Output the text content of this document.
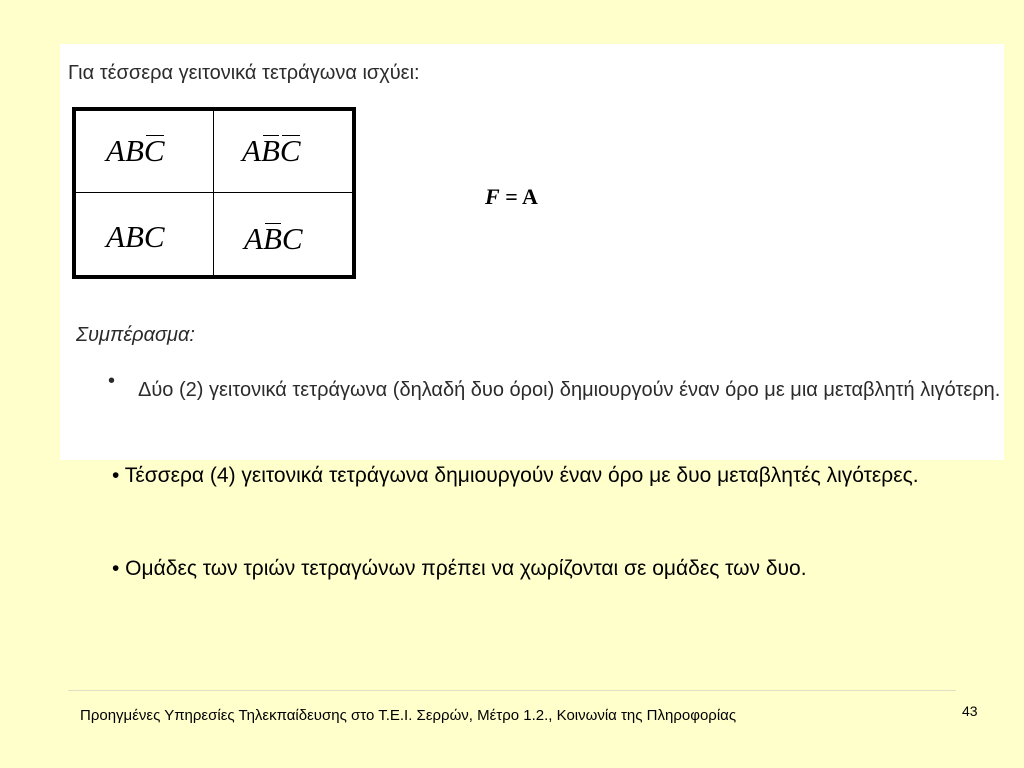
Για τέσσερα γειτονικά τετράγωνα ισχύει:
ABC ABC
ABC	ABC
F = A
Συμπέρασμα:
• Δύο (2) γειτονικά τετράγωνα (δηλαδή δυο όροι) δημιουργούν έναν όρο με μια μεταβλητή λιγότερη.
• Τέσσερα (4) γειτονικά τετράγωνα δημιουργούν έναν όρο με δυο μεταβλητές λιγότερες.
• Ομάδες των τριών τετραγώνων πρέπει να χωρίζονται σε ομάδες των δυο.
Προηγμένες Υπηρεσίες Τηλεκπαίδευσης στο Τ.Ε.Ι. Σερρών, Μέτρο 1.2., Κοινωνία της Πληροφορίας	43
